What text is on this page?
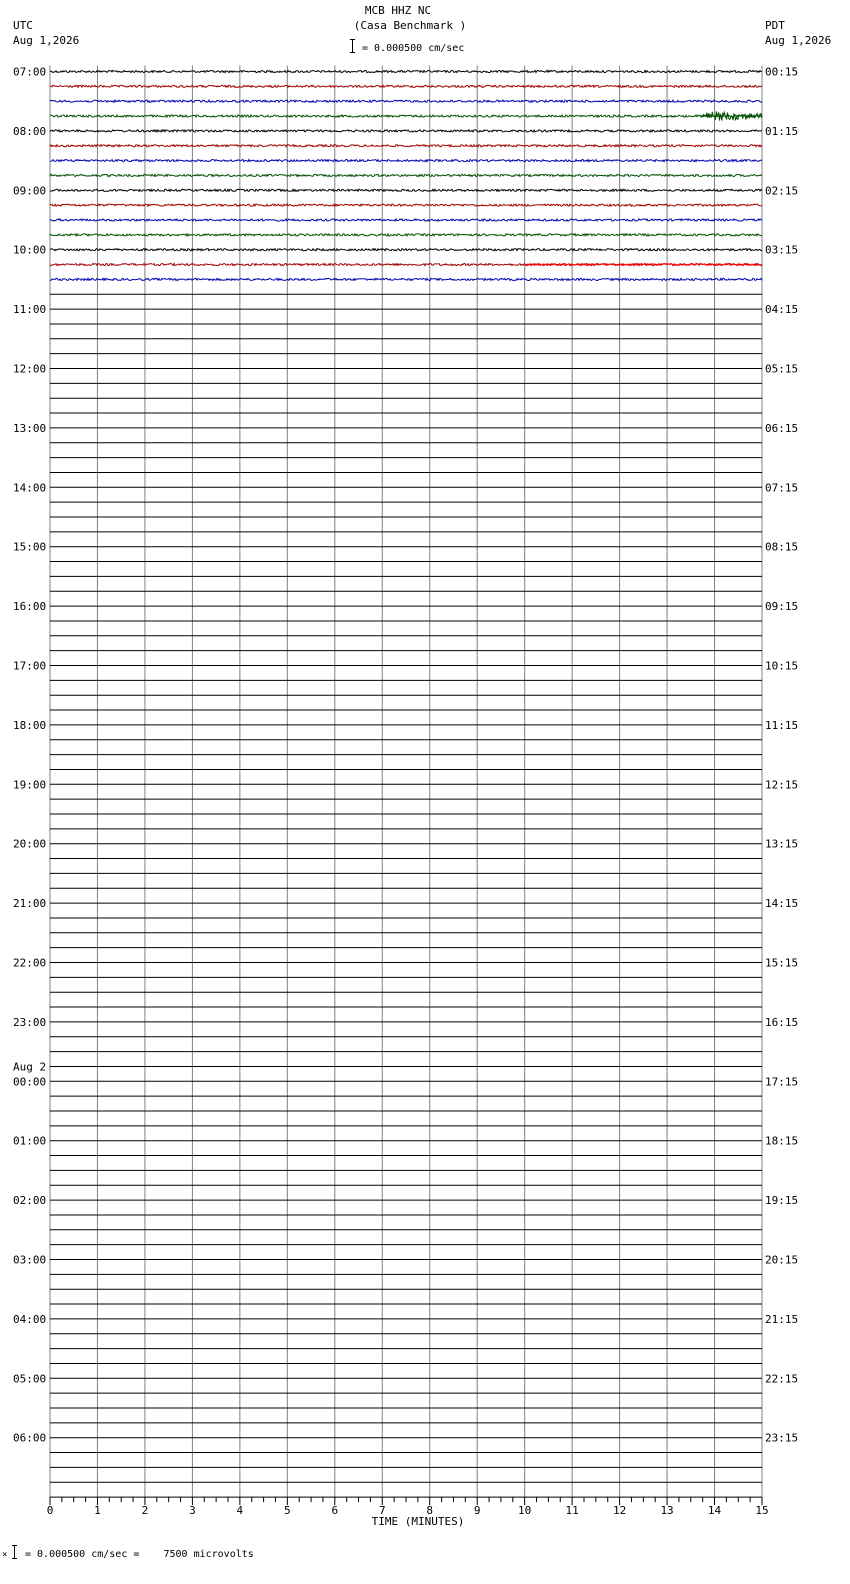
MCB HHZ NC
(Casa Benchmark )
UTC
Aug 1,2026
PDT
Aug 1,2026
= 0.000500 cm/sec
07:00
08:00
09:00
10:00
11:00
12:00
13:00
14:00
15:00
16:00
17:00
18:00
19:00
20:00
21:00
22:00
23:00
00:00
01:00
02:00
03:00
04:00
05:00
06:00
00:15
01:15
02:15
03:15
04:15
05:15
06:15
07:15
08:15
09:15
10:15
11:15
12:15
13:15
14:15
15:15
16:15
17:15
18:15
19:15
20:15
21:15
22:15
23:15
Aug 2
0	1	2	3	4	5	6	7	8	9	10	11	12	13	14	15
TIME (MINUTES)
× = 0.000500 cm/sec =    7500 microvolts
